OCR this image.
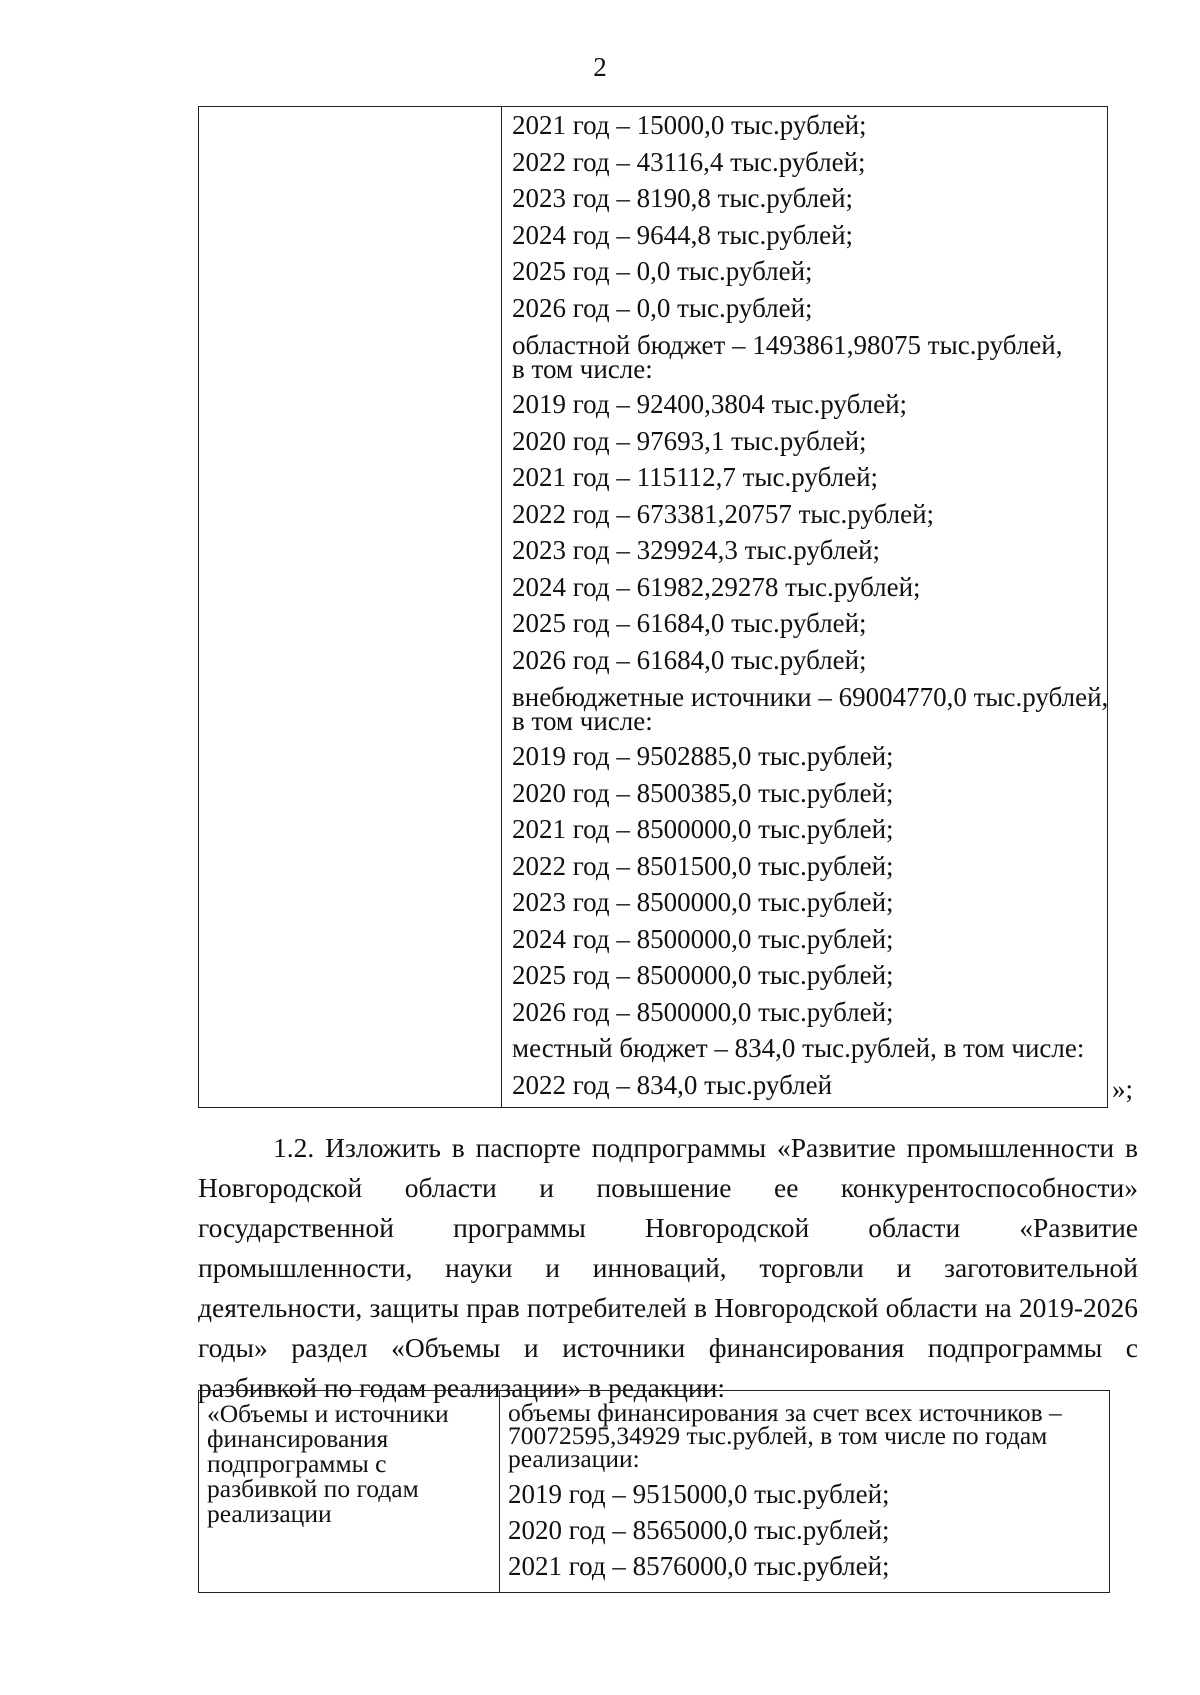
2

2021 год – 15000,0 тыс.рублей;
2022 год – 43116,4 тыс.рублей;
2023 год – 8190,8 тыс.рублей;
2024 год – 9644,8 тыс.рублей;
2025 год – 0,0 тыс.рублей;
2026 год – 0,0 тыс.рублей;
областной бюджет – 1493861,98075 тыс.рублей,
в том числе:
2019 год – 92400,3804 тыс.рублей;
2020 год – 97693,1 тыс.рублей;
2021 год – 115112,7 тыс.рублей;
2022 год – 673381,20757 тыс.рублей;
2023 год – 329924,3 тыс.рублей;
2024 год – 61982,29278 тыс.рублей;
2025 год – 61684,0 тыс.рублей;
2026 год – 61684,0 тыс.рублей;
внебюджетные источники – 69004770,0 тыс.рублей,
в том числе:
2019 год – 9502885,0 тыс.рублей;
2020 год – 8500385,0 тыс.рублей;
2021 год – 8500000,0 тыс.рублей;
2022 год – 8501500,0 тыс.рублей;
2023 год – 8500000,0 тыс.рублей;
2024 год – 8500000,0 тыс.рублей;
2025 год – 8500000,0 тыс.рублей;
2026 год – 8500000,0 тыс.рублей;
местный бюджет – 834,0 тыс.рублей, в том числе:
2022 год – 834,0 тыс.рублей	»;
1.2. Изложить в паспорте подпрограммы «Развитие промышленности в Новгородской области и повышение ее конкурентоспособности» государственной программы Новгородской области «Развитие промышленности, науки и инноваций, торговли и заготовительной деятельности, защиты прав потребителей в Новгородской области на 2019-2026 годы» раздел «Объемы и источники финансирования подпрограммы с разбивкой по годам реализации» в редакции:
«Объемы и источники финансирования подпрограммы с разбивкой по годам реализации

объемы финансирования за счет всех источников – 70072595,34929 тыс.рублей, в том числе по годам реализации:
2019 год – 9515000,0 тыс.рублей;
2020 год – 8565000,0 тыс.рублей;
2021 год – 8576000,0 тыс.рублей;
